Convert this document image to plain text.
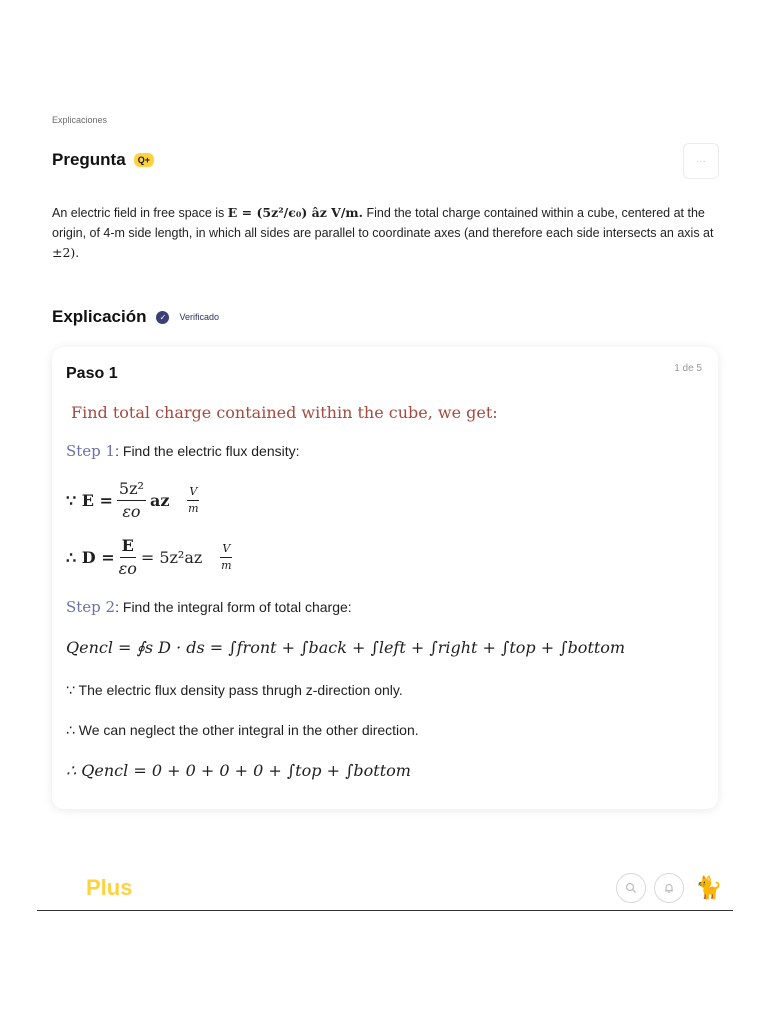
Explicaciones
Pregunta	Q+	···
An electric field in free space is E = (5z²/ϵ₀) âz V/m. Find the total charge contained within a cube, centered at the origin, of 4-m side length, in which all sides are parallel to coordinate axes (and therefore each side intersects an axis at ±2).
Explicación	✓	Verificado
Paso 1	1 de 5
Find total charge contained within the cube, we get:
Step 1 : Find the electric flux density:
∵ $E = \frac{\text{5z²}}{\varepsilon o}$ az $\frac{V}{m}$
∴ $D = \frac{E}{\varepsilon o} = 5z^2az \frac{V}{m}$
Step 2 : Find the integral form of total charge:
Qencl = ∮s D · ds = ∫front + ∫back + ∫left + ∫right + ∫top + ∫bottom
∵ The electric flux density pass thrugh z-direction only.
∴ We can neglect the other integral in the other direction.
∴ Qencl = 0 + 0 + 0 + 0 + ∫top + ∫bottom
Plus	🐈
